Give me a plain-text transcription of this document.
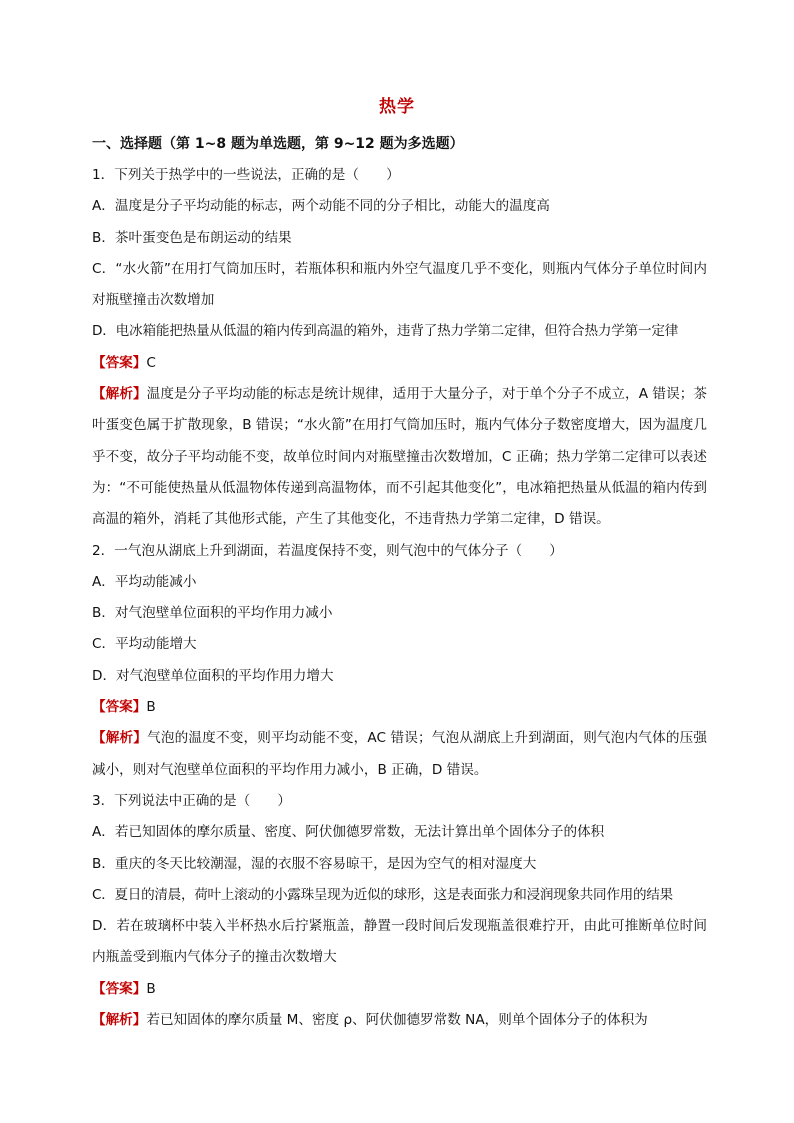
热学
一、选择题（第 1~8 题为单选题，第 9~12 题为多选题）

1．下列关于热学中的一些说法，正确的是（　　）

A．温度是分子平均动能的标志，两个动能不同的分子相比，动能大的温度高

B．茶叶蛋变色是布朗运动的结果

C．“水火箭”在用打气筒加压时，若瓶体积和瓶内外空气温度几乎不变化，则瓶内气体分子单位时间内对瓶壁撞击次数增加

D．电冰箱能把热量从低温的箱内传到高温的箱外，违背了热力学第二定律，但符合热力学第一定律

【答案】C

【解析】温度是分子平均动能的标志是统计规律，适用于大量分子，对于单个分子不成立，A 错误；茶叶蛋变色属于扩散现象，B 错误；“水火箭”在用打气筒加压时，瓶内气体分子数密度增大，因为温度几乎不变，故分子平均动能不变，故单位时间内对瓶壁撞击次数增加，C 正确；热力学第二定律可以表述为：“不可能使热量从低温物体传递到高温物体，而不引起其他变化”，电冰箱把热量从低温的箱内传到高温的箱外，消耗了其他形式能，产生了其他变化，不违背热力学第二定律，D 错误。

2．一气泡从湖底上升到湖面，若温度保持不变，则气泡中的气体分子（　　）

A．平均动能减小

B．对气泡壁单位面积的平均作用力减小

C．平均动能增大

D．对气泡壁单位面积的平均作用力增大

【答案】B

【解析】气泡的温度不变，则平均动能不变，AC 错误；气泡从湖底上升到湖面，则气泡内气体的压强减小，则对气泡壁单位面积的平均作用力减小，B 正确，D 错误。

3．下列说法中正确的是（　　）

A．若已知固体的摩尔质量、密度、阿伏伽德罗常数，无法计算出单个固体分子的体积

B．重庆的冬天比较潮湿，湿的衣服不容易晾干，是因为空气的相对湿度大

C．夏日的清晨，荷叶上滚动的小露珠呈现为近似的球形，这是表面张力和浸润现象共同作用的结果

D．若在玻璃杯中装入半杯热水后拧紧瓶盖，静置一段时间后发现瓶盖很难拧开，由此可推断单位时间内瓶盖受到瓶内气体分子的撞击次数增大

【答案】B

【解析】若已知固体的摩尔质量 M、密度 ρ、阿伏伽德罗常数 NA，则单个固体分子的体积为
